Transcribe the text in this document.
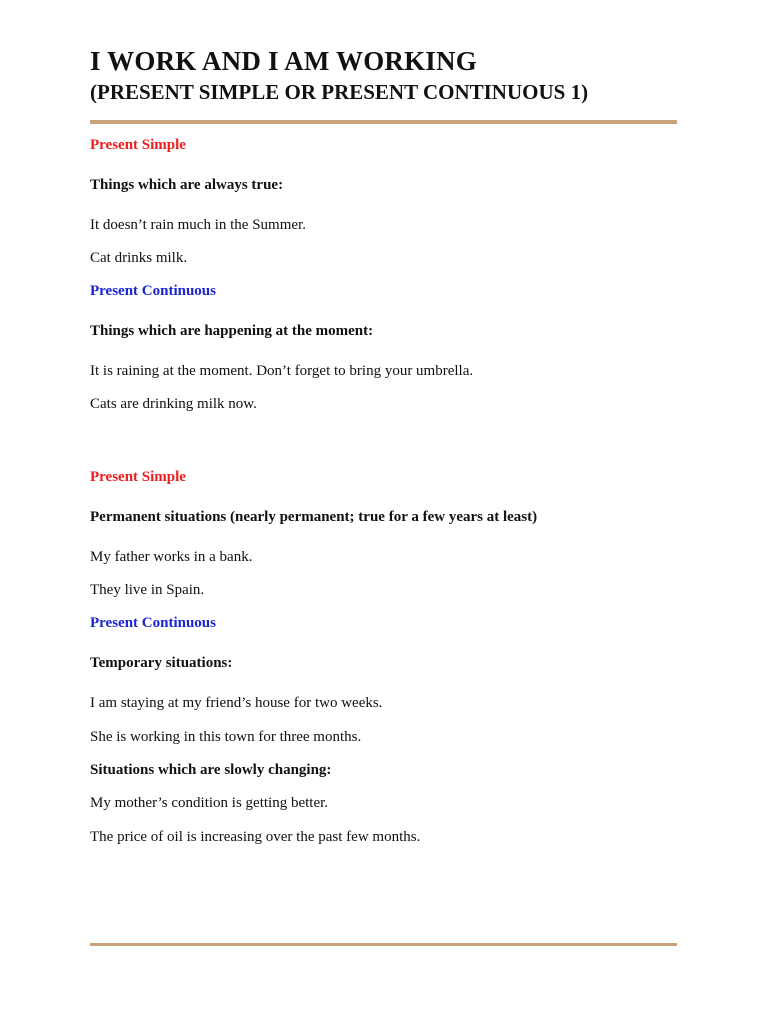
I WORK AND I AM WORKING
(PRESENT SIMPLE OR PRESENT CONTINUOUS 1)

Present Simple

Things which are always true:

It doesn’t rain much in the Summer.

Cat drinks milk.

Present Continuous

Things which are happening at the moment:

It is raining at the moment. Don’t forget to bring your umbrella.

Cats are drinking milk now.

Present Simple

Permanent situations (nearly permanent; true for a few years at least)

My father works in a bank.

They live in Spain.

Present Continuous

Temporary situations:

I am staying at my friend’s house for two weeks.

She is working in this town for three months.

Situations which are slowly changing:

My mother’s condition is getting better.

The price of oil is increasing over the past few months.
